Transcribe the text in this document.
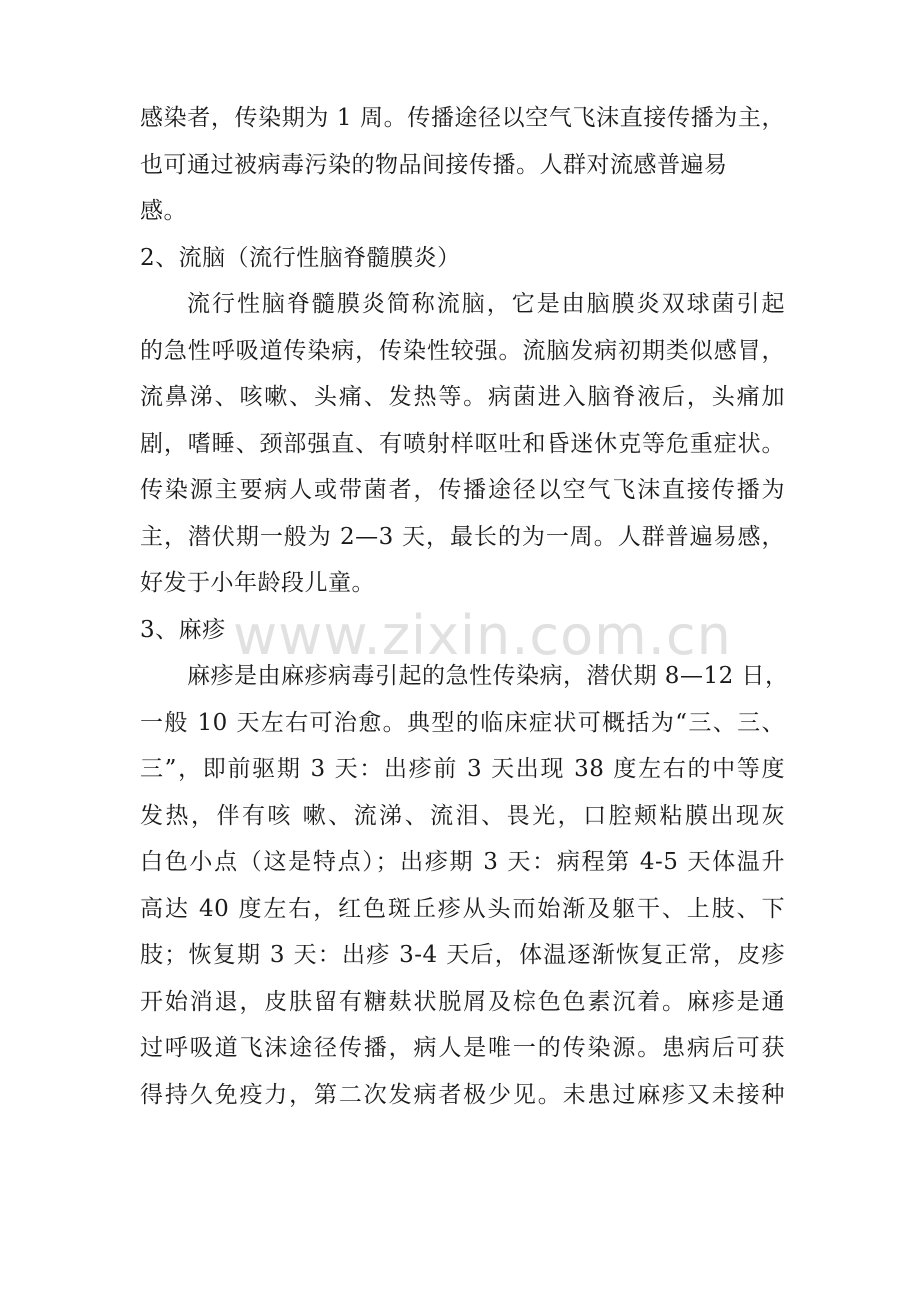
感染者，传染期为 1 周。传播途径以空气飞沫直接传播为主，
也可通过被病毒污染的物品间接传播。人群对流感普遍易
感。
2、流脑（流行性脑脊髓膜炎）
流行性脑脊髓膜炎简称流脑，它是由脑膜炎双球菌引起
的急性呼吸道传染病，传染性较强。流脑发病初期类似感冒，
流鼻涕、咳嗽、头痛、发热等。病菌进入脑脊液后，头痛加
剧，嗜睡、颈部强直、有喷射样呕吐和昏迷休克等危重症状。
传染源主要病人或带菌者，传播途径以空气飞沫直接传播为
主，潜伏期一般为 2—3 天，最长的为一周。人群普遍易感，
好发于小年龄段儿童。
3、麻疹
麻疹是由麻疹病毒引起的急性传染病，潜伏期 8—12 日，
一般 10 天左右可治愈。典型的临床症状可概括为“三、三、
三”，即前驱期 3 天：出疹前 3 天出现 38 度左右的中等度
发热，伴有咳 嗽、流涕、流泪、畏光，口腔颊粘膜出现灰
白色小点（这是特点）；出疹期 3 天：病程第 4-5 天体温升
高达 40 度左右，红色斑丘疹从头而始渐及躯干、上肢、下
肢；恢复期 3 天：出疹 3-4 天后，体温逐渐恢复正常，皮疹
开始消退，皮肤留有糖麸状脱屑及棕色色素沉着。麻疹是通
过呼吸道飞沫途径传播，病人是唯一的传染源。患病后可获
得持久免疫力，第二次发病者极少见。未患过麻疹又未接种
www.zixin.com.cn
